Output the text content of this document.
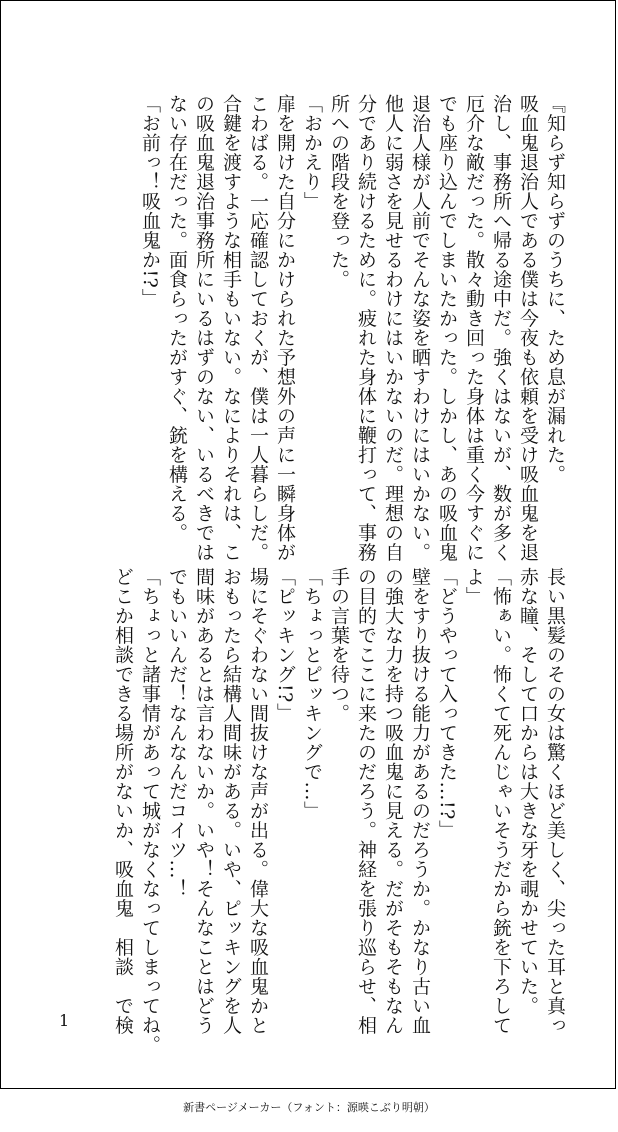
『知らず知らずのうちに、ため息が漏れた。
吸血鬼退治人である僕は今夜も依頼を受け吸血鬼を退
治し、事務所へ帰る途中だ。強くはないが、数が多く
厄介な敵だった。散々動き回った身体は重く今すぐに
でも座り込んでしまいたかった。しかし、あの吸血鬼
退治人様が人前でそんな姿を晒すわけにはいかない。
他人に弱さを見せるわけにはいかないのだ。理想の自
分であり続けるために。疲れた身体に鞭打って、事務
所への階段を登った。
「おかえり」
扉を開けた自分にかけられた予想外の声に一瞬身体が
こわばる。一応確認しておくが、僕は一人暮らしだ。
合鍵を渡すような相手もいない。なによりそれは、こ
の吸血鬼退治事務所にいるはずのない、いるべきでは
ない存在だった。面食らったがすぐ、銃を構える。
「お前っ！吸血鬼か!?」
長い黒髪のその女は驚くほど美しく、尖った耳と真っ
赤な瞳、そして口からは大きな牙を覗かせていた。
「怖ぁい。怖くて死んじゃいそうだから銃を下ろして
よ」
「どうやって入ってきた…!?」
壁をすり抜ける能力があるのだろうか。かなり古い血
の強大な力を持つ吸血鬼に見える。だがそもそもなん
の目的でここに来たのだろう。神経を張り巡らせ、相
手の言葉を待つ。
「ちょっとピッキングで…」
「ピッキング!?」
場にそぐわない間抜けな声が出る。偉大な吸血鬼かと
おもったら結構人間味がある。いや、ピッキングを人
間味があるとは言わないか。いや！そんなことはどう
でもいいんだ！なんなんだコイツ…！
「ちょっと諸事情があって城がなくなってしまってね。
どこか相談できる場所がないか、吸血鬼　相談　で検
1
新書ページメーカー（フォント：源暎こぶり明朝）
